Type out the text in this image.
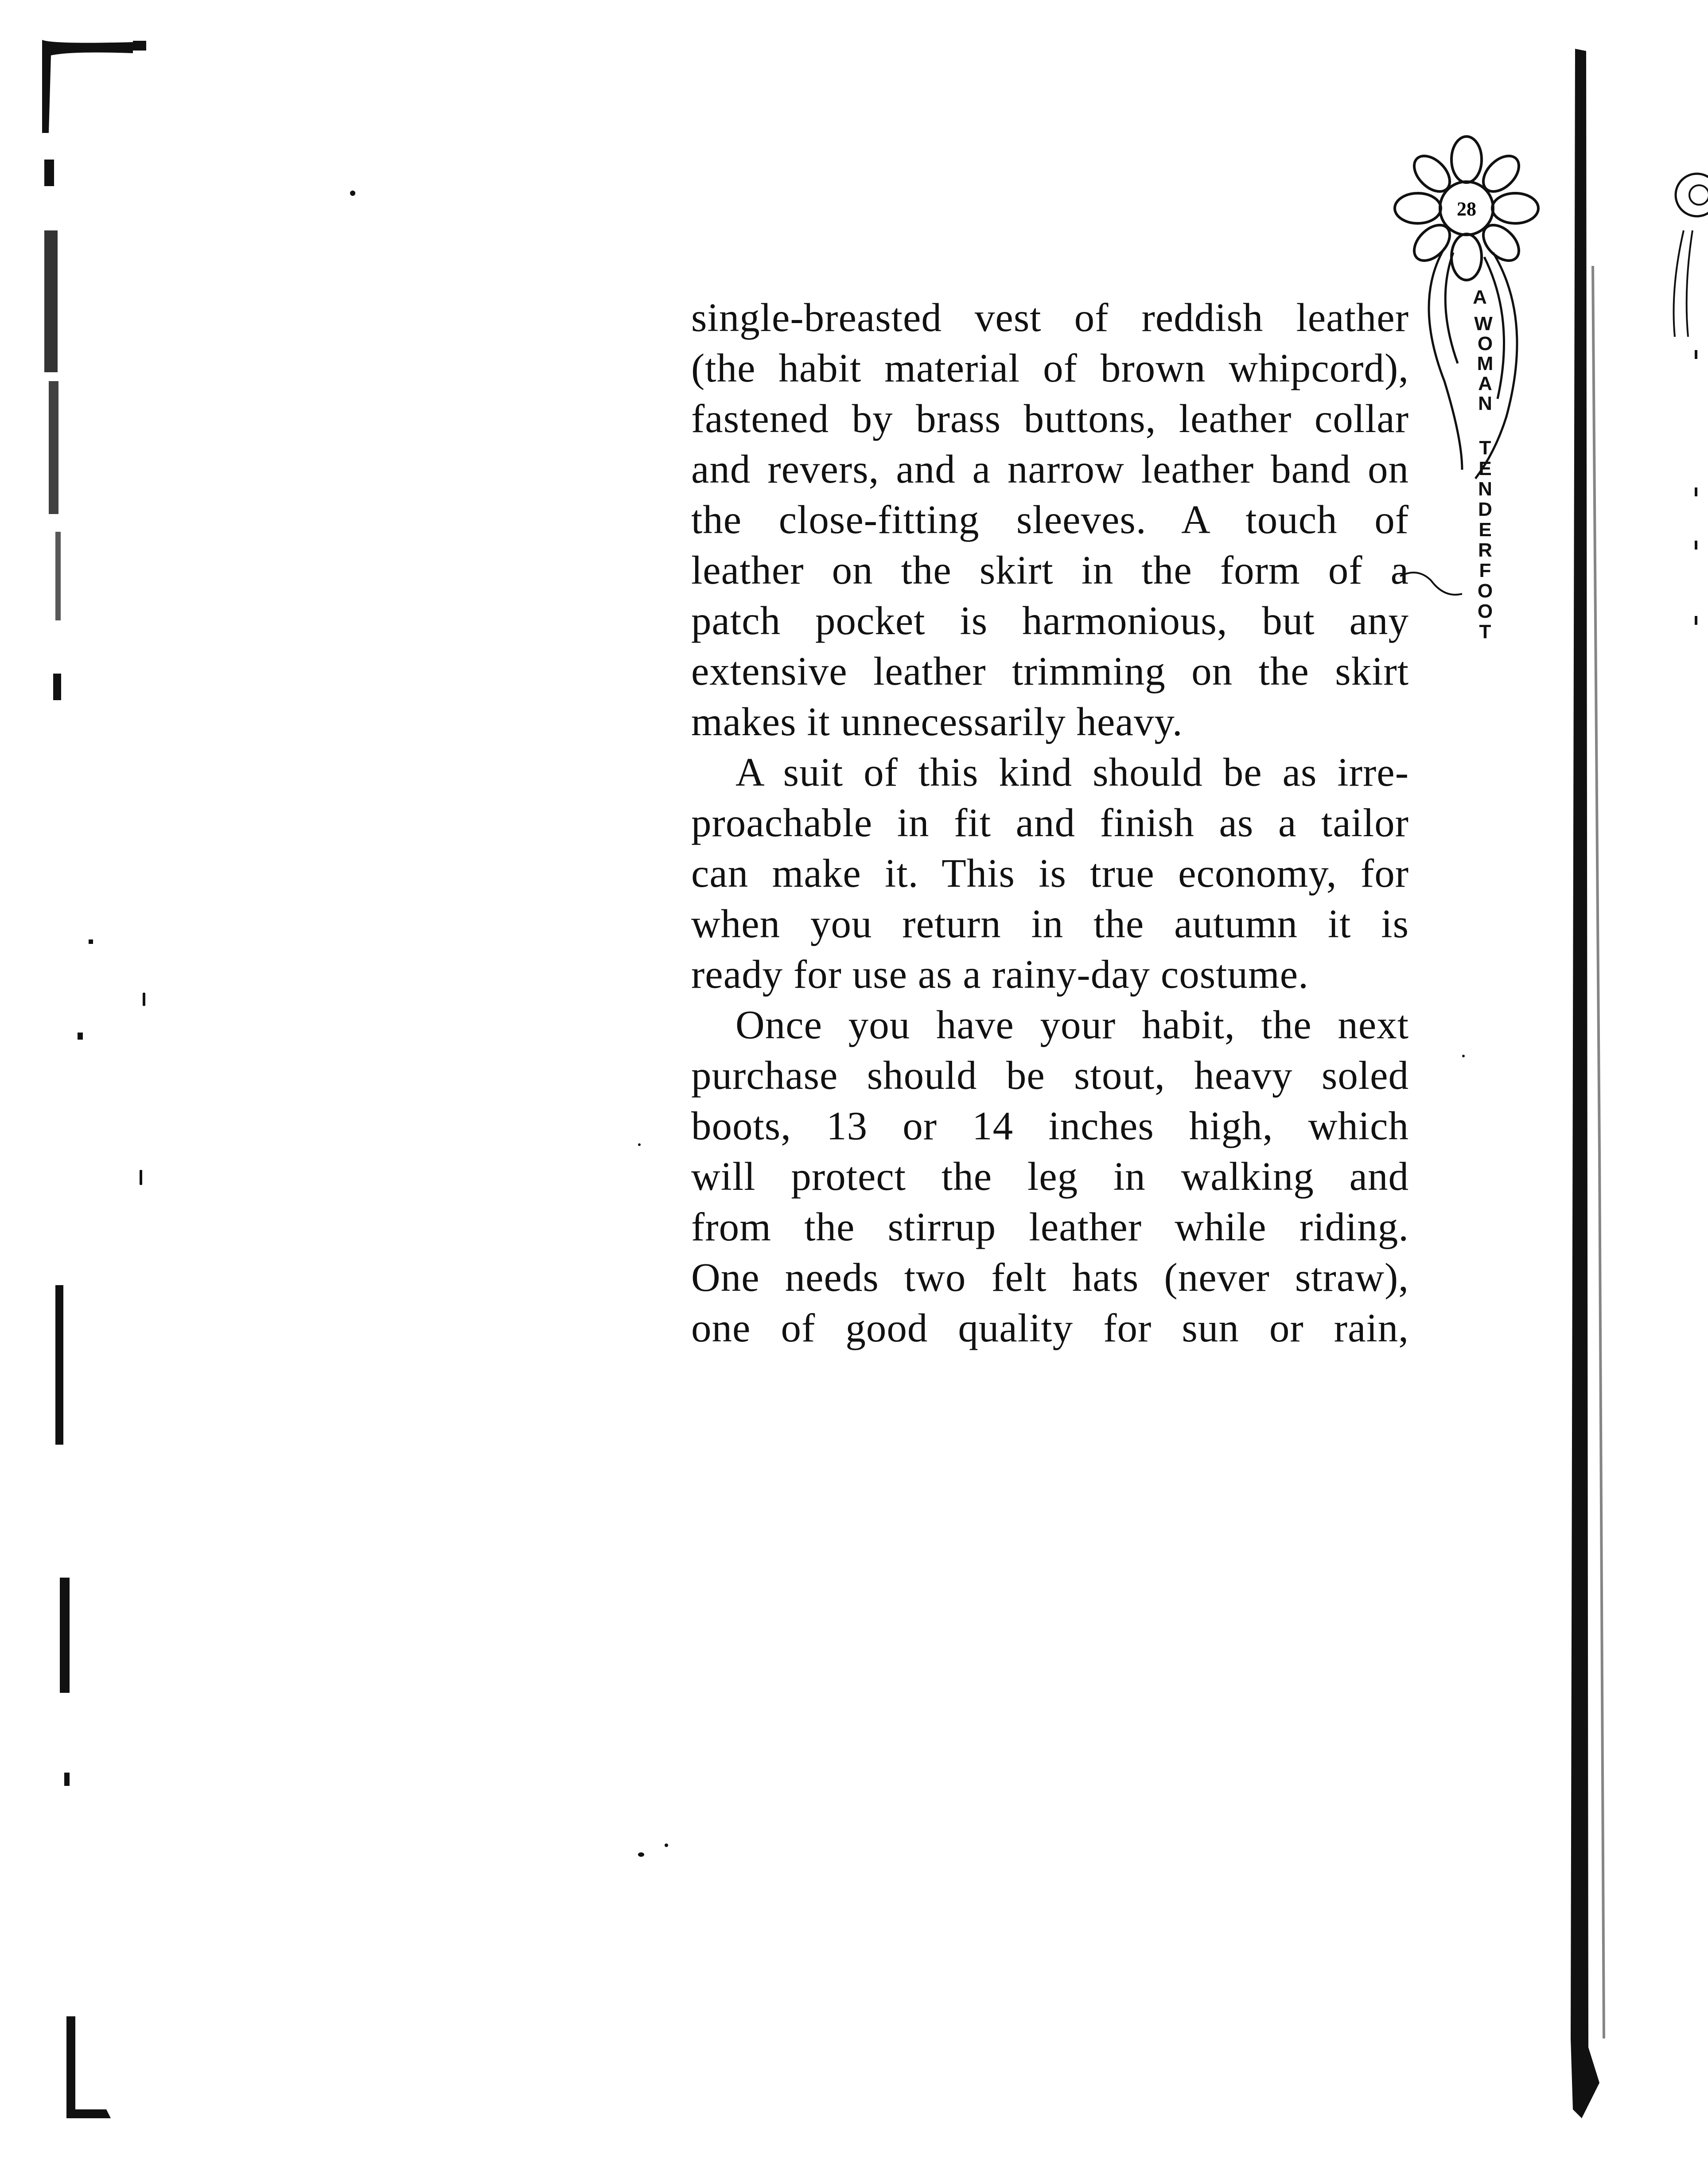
28
A
W
O
M
A
N
T
E
N
D
E
R
F
O
O
T

single-breasted vest of reddish leather
(the habit material of brown whipcord),
fastened by brass buttons, leather collar
and revers, and a narrow leather band on
the close-fitting sleeves. A touch of
leather on the skirt in the form of a
patch pocket is harmonious, but any
extensive leather trimming on the skirt
makes it unnecessarily heavy.

A suit of this kind should be as irre-
proachable in fit and finish as a tailor
can make it. This is true economy, for
when you return in the autumn it is
ready for use as a rainy-day costume.

Once you have your habit, the next
purchase should be stout, heavy soled
boots, 13 or 14 inches high, which
will protect the leg in walking and
from the stirrup leather while riding.
One needs two felt hats (never straw),
one of good quality for sun or rain,
